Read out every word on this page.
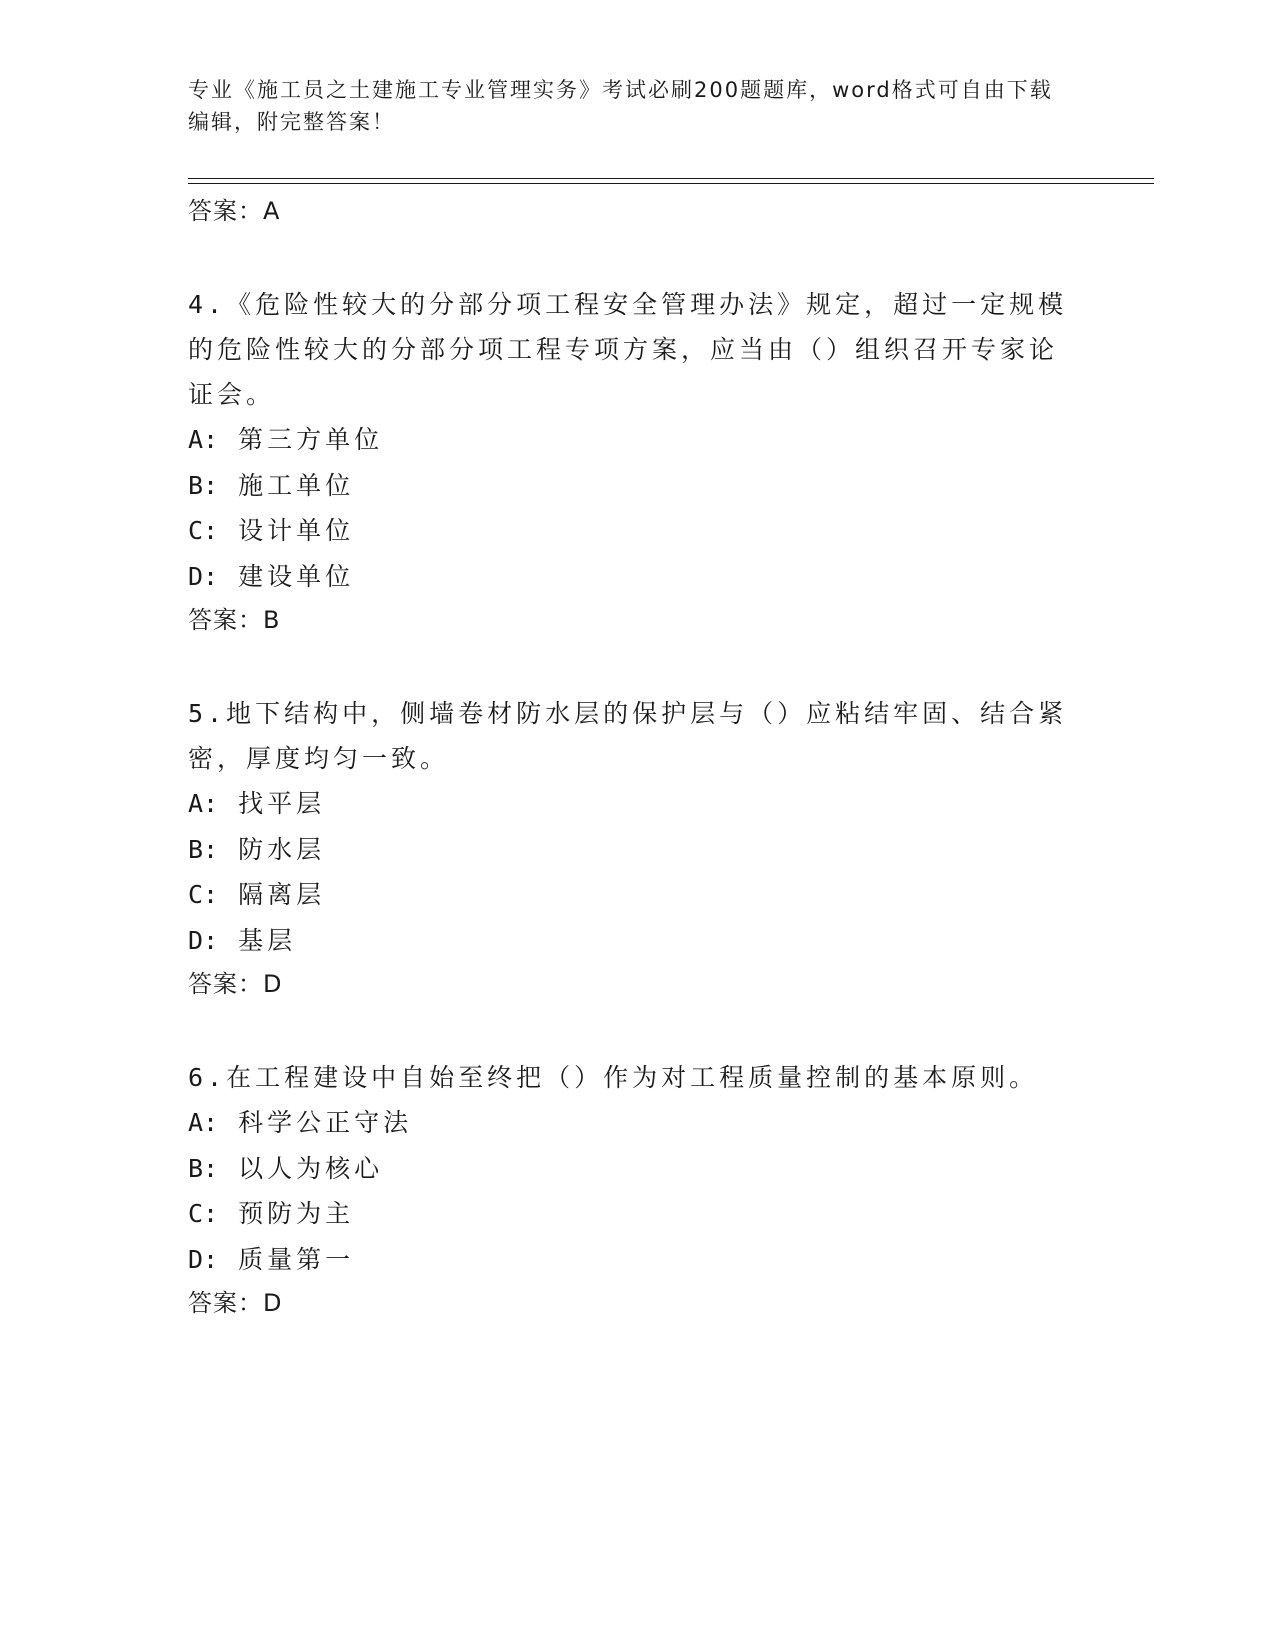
专业《施工员之土建施工专业管理实务》考试必刷200题题库，word格式可自由下载编辑，附完整答案！
答案：A
4.《危险性较大的分部分项工程安全管理办法》规定，超过一定规模的危险性较大的分部分项工程专项方案，应当由（）组织召开专家论证会。
A: 第三方单位
B: 施工单位
C: 设计单位
D: 建设单位
答案：B
5.地下结构中，侧墙卷材防水层的保护层与（）应粘结牢固、结合紧密，厚度均匀一致。
A: 找平层
B: 防水层
C: 隔离层
D: 基层
答案：D
6.在工程建设中自始至终把（）作为对工程质量控制的基本原则。
A: 科学公正守法
B: 以人为核心
C: 预防为主
D: 质量第一
答案：D
